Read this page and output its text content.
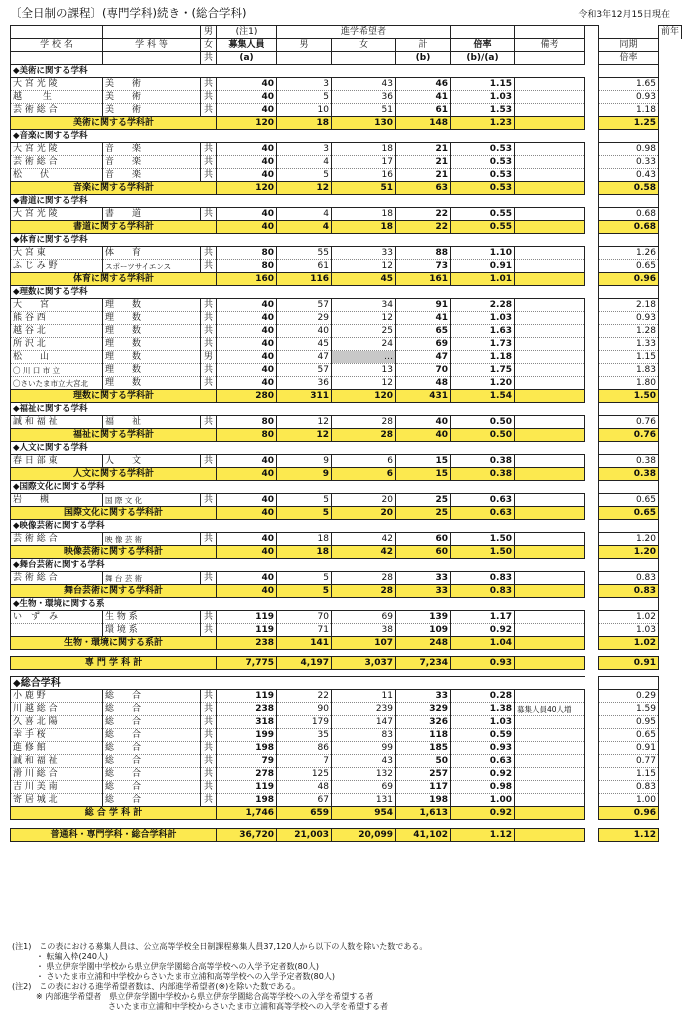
〔全日制の課程〕(専門学科)続き・(総合学科)	令和3年12月15日現在
		男	(注1)	進学希望者							前年
学 校 名	学 科 等	女	募集人員	男	女	計	倍率	備考		同期	
		共	(a)			(b)	(b)/(a)			倍率	
◆美術に関する学科											
大 宮 光 陵	美　　術	共	40	3	43	46	1.15			1.65	
越　　 生	美　　術	共	40	5	36	41	1.03			0.93	
芸 術 総 合	美　　術	共	40	10	51	61	1.53			1.18	
美術に関する学科計			120	18	130	148	1.23			1.25	
◆音楽に関する学科											
大 宮 光 陵	音　　楽	共	40	3	18	21	0.53			0.98	
芸 術 総 合	音　　楽	共	40	4	17	21	0.53			0.33	
松　　伏	音　　楽	共	40	5	16	21	0.53			0.43	
音楽に関する学科計			120	12	51	63	0.53			0.58	
◆書道に関する学科											
大 宮 光 陵	書　　道	共	40	4	18	22	0.55			0.68	
書道に関する学科計			40	4	18	22	0.55			0.68	
◆体育に関する学科											
大 宮 東	体　　育	共	80	55	33	88	1.10			1.26	
ふ じ み 野	スポーツサイエンス	共	80	61	12	73	0.91			0.65	
体育に関する学科計			160	116	45	161	1.01			0.96	
◆理数に関する学科											
大　　宮	理　　数	共	40	57	34	91	2.28			2.18	
熊 谷 西	理　　数	共	40	29	12	41	1.03			0.93	
越 谷 北	理　　数	共	40	40	25	65	1.63			1.28	
所 沢 北	理　　数	共	40	45	24	69	1.73			1.33	
松　　山	理　　数	男	40	47	…	47	1.18			1.15	
〇 川 口 市 立	理　　数	共	40	57	13	70	1.75			1.83	
〇さいたま市立大宮北	理　　数	共	40	36	12	48	1.20			1.80	
理数に関する学科計			280	311	120	431	1.54			1.50	
◆福祉に関する学科											
誠 和 福 祉	福　　祉	共	80	12	28	40	0.50			0.76	
福祉に関する学科計			80	12	28	40	0.50			0.76	
◆人文に関する学科											
春 日 部 東	人　　文	共	40	9	6	15	0.38			0.38	
人文に関する学科計			40	9	6	15	0.38			0.38	
◆国際文化に関する学科											
岩　　槻	国 際 文 化	共	40	5	20	25	0.63			0.65	
国際文化に関する学科計			40	5	20	25	0.63			0.65	
◆映像芸術に関する学科											
芸 術 総 合	映 像 芸 術	共	40	18	42	60	1.50			1.20	
映像芸術に関する学科計			40	18	42	60	1.50			1.20	
◆舞台芸術に関する学科											
芸 術 総 合	舞 台 芸 術	共	40	5	28	33	0.83			0.83	
舞台芸術に関する学科計			40	5	28	33	0.83			0.83	
◆生物・環境に関する系											
い　ず　み	生 物 系	共	119	70	69	139	1.17			1.02	
	環 境 系	共	119	71	38	109	0.92			1.03	
生物・環境に関する系計			238	141	107	248	1.04			1.02	

専 門 学 科 計			7,775	4,197	3,037	7,234	0.93			0.91	

◆総合学科											
小 鹿 野	総　　合	共	119	22	11	33	0.28			0.29	
川 越 総 合	総　　合	共	238	90	239	329	1.38	募集人員40人増		1.59	
久 喜 北 陽	総　　合	共	318	179	147	326	1.03			0.95	
幸 手 桜	総　　合	共	199	35	83	118	0.59			0.65	
進 修 館	総　　合	共	198	86	99	185	0.93			0.91	
誠 和 福 祉	総　　合	共	79	7	43	50	0.63			0.77	
滑 川 総 合	総　　合	共	278	125	132	257	0.92			1.15	
吉 川 美 南	総　　合	共	119	48	69	117	0.98			0.83	
寄 居 城 北	総　　合	共	198	67	131	198	1.00			1.00	
総 合 学 科 計			1,746	659	954	1,613	0.92			0.96	

普通科・専門学科・総合学科計			36,720	21,003	20,099	41,102	1.12			1.12	
(注1)　この表における募集人員は、公立高等学校全日制課程募集人員37,120人から以下の人数を除いた数である。
　　　・ 転編入枠(240人)
　　　・ 県立伊奈学園中学校から県立伊奈学園総合高等学校への入学予定者数(80人)
　　　・ さいたま市立浦和中学校からさいたま市立浦和高等学校への入学予定者数(80人)
(注2)　この表における進学希望者数は、内部進学希望者(※)を除いた数である。
　　　※ 内部進学希望者　県立伊奈学園中学校から県立伊奈学園総合高等学校への入学を希望する者
　　　　　　　　　　　　さいたま市立浦和中学校からさいたま市立浦和高等学校への入学を希望する者
